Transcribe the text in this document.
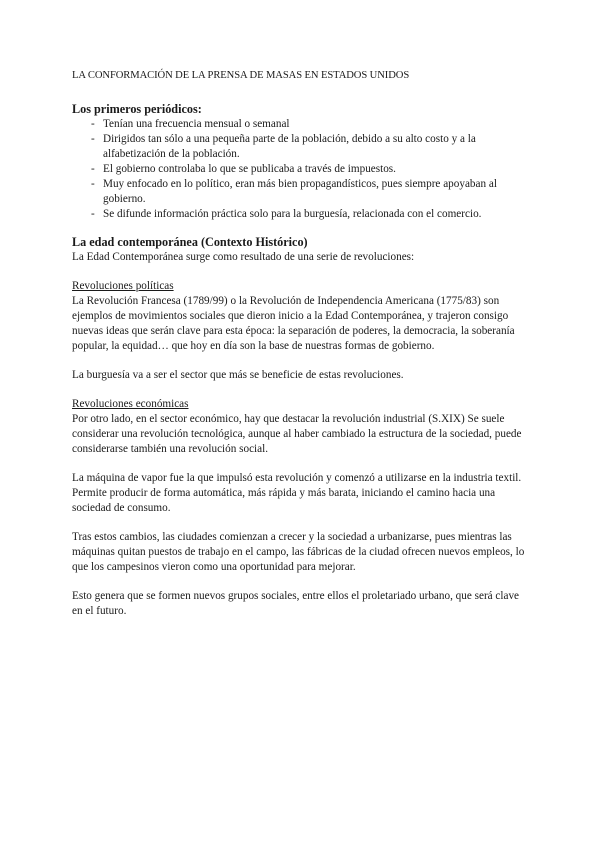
LA CONFORMACIÓN DE LA PRENSA DE MASAS EN ESTADOS UNIDOS
Los primeros periódicos:
- Tenían una frecuencia mensual o semanal
- Dirigidos tan sólo a una pequeña parte de la población, debido a su alto costo y a la alfabetización de la población.
- El gobierno controlaba lo que se publicaba a través de impuestos.
- Muy enfocado en lo político, eran más bien propagandísticos, pues siempre apoyaban al gobierno.
- Se difunde información práctica solo para la burguesía, relacionada con el comercio.
La edad contemporánea (Contexto Histórico)

La Edad Contemporánea surge como resultado de una serie de revoluciones:

Revoluciones políticas

La Revolución Francesa (1789/99) o la Revolución de Independencia Americana (1775/83) son ejemplos de movimientos sociales que dieron inicio a la Edad Contemporánea, y trajeron consigo nuevas ideas que serán clave para esta época: la separación de poderes, la democracia, la soberanía popular, la equidad… que hoy en día son la base de nuestras formas de gobierno.

La burguesía va a ser el sector que más se beneficie de estas revoluciones.

Revoluciones económicas

Por otro lado, en el sector económico, hay que destacar la revolución industrial (S.XIX) Se suele considerar una revolución tecnológica, aunque al haber cambiado la estructura de la sociedad, puede considerarse también una revolución social.

La máquina de vapor fue la que impulsó esta revolución y comenzó a utilizarse en la industria textil. Permite producir de forma automática, más rápida y más barata, iniciando el camino hacia una sociedad de consumo.

Tras estos cambios, las ciudades comienzan a crecer y la sociedad a urbanizarse, pues mientras las máquinas quitan puestos de trabajo en el campo, las fábricas de la ciudad ofrecen nuevos empleos, lo que los campesinos vieron como una oportunidad para mejorar.

Esto genera que se formen nuevos grupos sociales, entre ellos el proletariado urbano, que será clave en el futuro.
